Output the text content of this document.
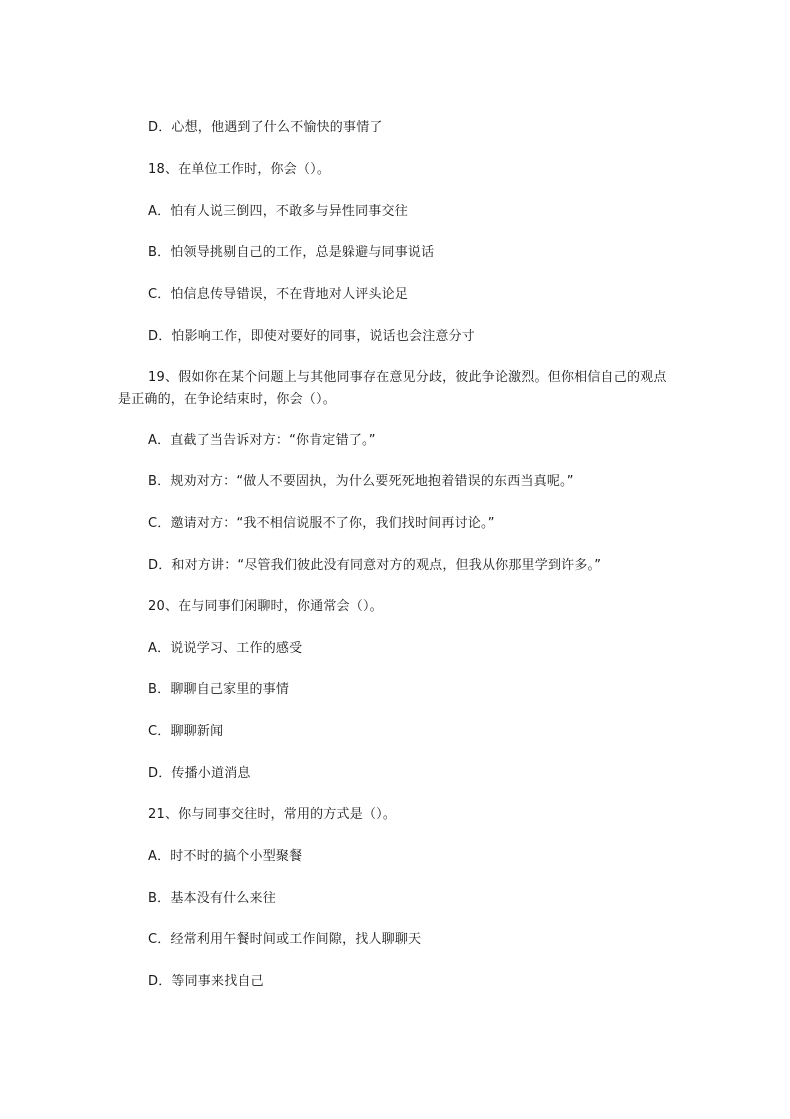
D．心想，他遇到了什么不愉快的事情了
18、在单位工作时，你会（）。
A．怕有人说三倒四，不敢多与异性同事交往
B．怕领导挑剔自己的工作，总是躲避与同事说话
C．怕信息传导错误，不在背地对人评头论足
D．怕影响工作，即使对要好的同事，说话也会注意分寸
19、假如你在某个问题上与其他同事存在意见分歧，彼此争论激烈。但你相信自己的观点是正确的，在争论结束时，你会（）。
A．直截了当告诉对方：“你肯定错了。”
B．规劝对方：“做人不要固执，为什么要死死地抱着错误的东西当真呢。”
C．邀请对方：“我不相信说服不了你，我们找时间再讨论。”
D．和对方讲：“尽管我们彼此没有同意对方的观点，但我从你那里学到许多。”
20、在与同事们闲聊时，你通常会（）。
A．说说学习、工作的感受
B．聊聊自己家里的事情
C．聊聊新闻
D．传播小道消息
21、你与同事交往时，常用的方式是（）。
A．时不时的搞个小型聚餐
B．基本没有什么来往
C．经常利用午餐时间或工作间隙，找人聊聊天
D．等同事来找自己
